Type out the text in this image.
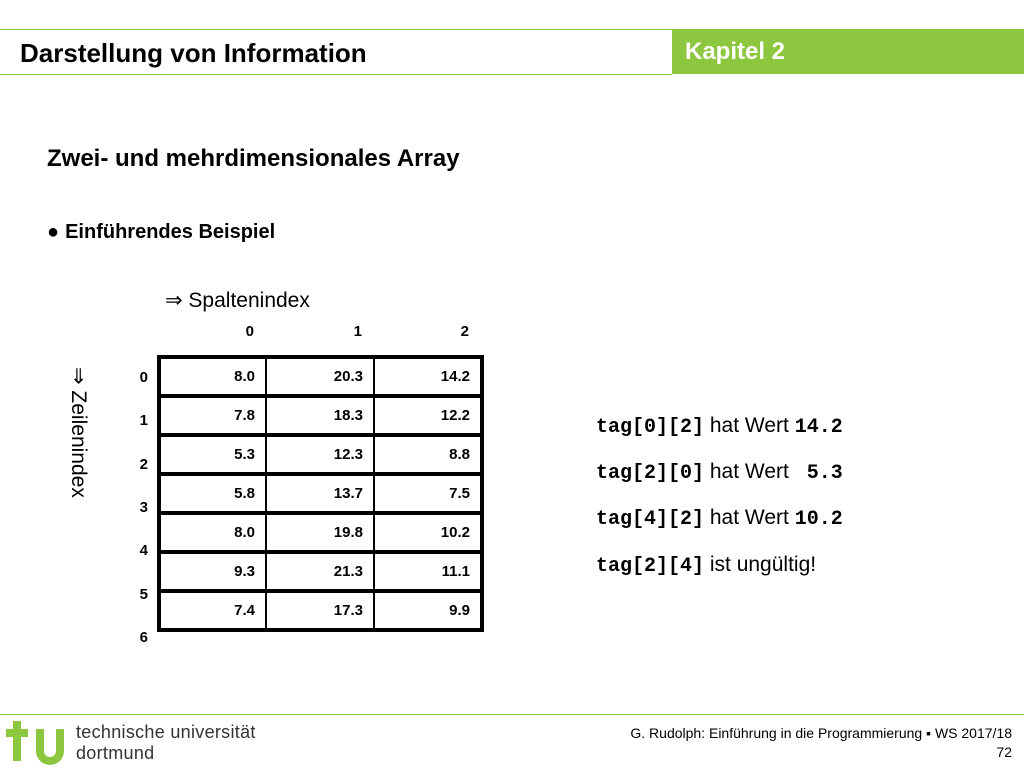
Darstellung von Information	Kapitel 2
Zwei- und mehrdimensionales Array
● Einführendes Beispiel
⇒ Spaltenindex
⇒ Zeilenindex
0	1	2
0
1
2
3
4
5
6
8.0	20.3	14.2
7.8	18.3	12.2
5.3	12.3	8.8
5.8	13.7	7.5
8.0	19.8	10.2
9.3	21.3	11.1
7.4	17.3	9.9
tag[0][2] hat Wert 14.2
tag[2][0] hat Wert  5.3
tag[4][2] hat Wert 10.2
tag[2][4] ist ungültig!
technische universität
dortmund
G. Rudolph: Einführung in die Programmierung ▪ WS 2017/18
72
